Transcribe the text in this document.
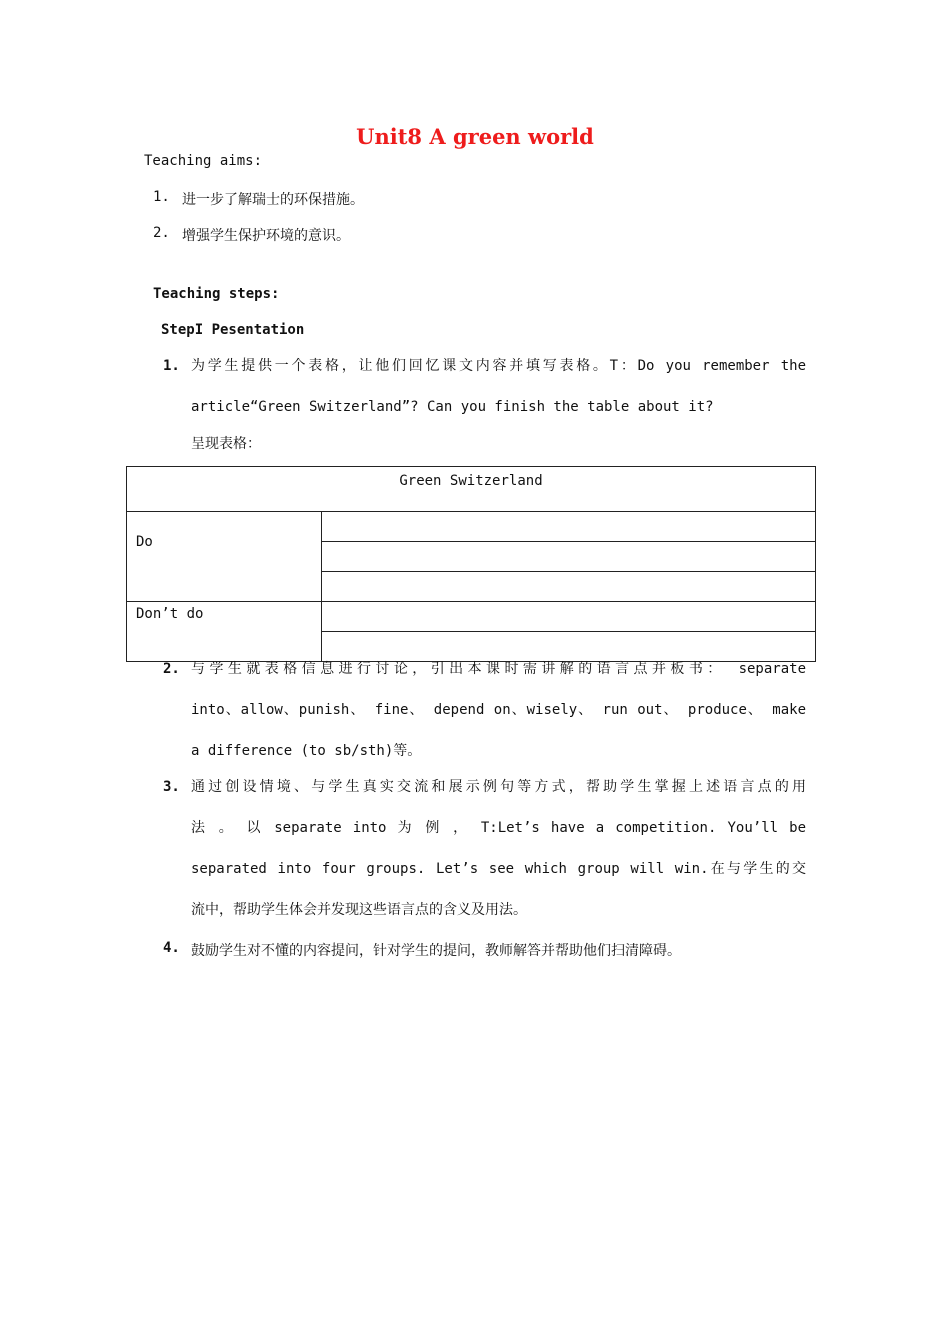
Unit8 A green world
Teaching aims:
1. 进一步了解瑞士的环保措施。
2. 增强学生保护环境的意识。
Teaching steps:
StepI Pesentation
1. 为学生提供一个表格，让他们回忆课文内容并填写表格。T：Do you remember the
article“Green Switzerland”? Can you finish the table about it?
呈现表格：
Green Switzerland	
Do	

Don’t do	

2. 与学生就表格信息进行讨论，引出本课时需讲解的语言点并板书： separate
into、allow、punish、 fine、 depend on、wisely、 run out、 produce、 make
a difference (to sb/sth)等。
3. 通过创设情境、与学生真实交流和展示例句等方式，帮助学生掌握上述语言点的用
法 。 以 separate into 为 例 ， T:Let’s have a competition. You’ll be
separated into four groups. Let’s see which group will win.在与学生的交
流中，帮助学生体会并发现这些语言点的含义及用法。
4. 鼓励学生对不懂的内容提问，针对学生的提问，教师解答并帮助他们扫清障碍。
